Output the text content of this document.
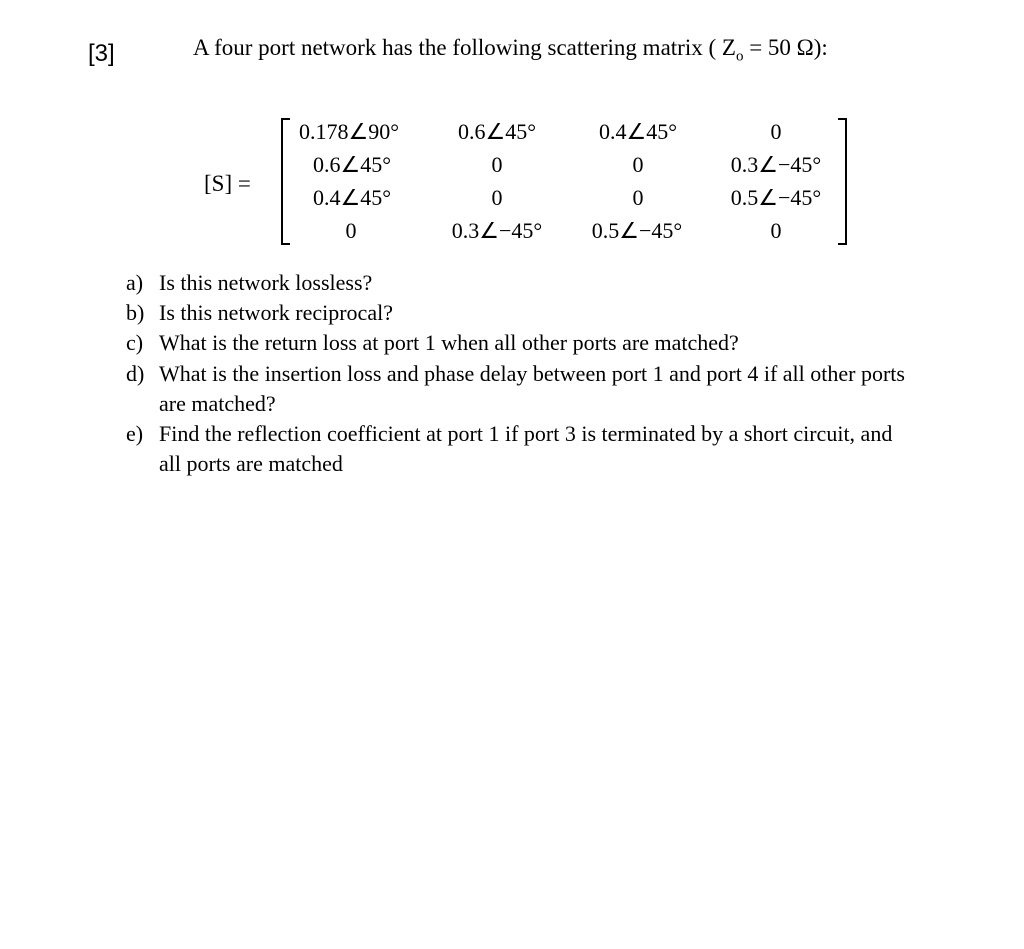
[3]	A four port network has the following scattering matrix ( $Z_o = 50$ Ω):
[S] =
0.178∠90°	0.6∠45°	0.4∠45°	0
0.6∠45°	0	0	0.3∠−45°
0.4∠45°	0	0	0.5∠−45°
0	0.3∠−45° 0.5∠−45°	0
a) Is this network lossless?
b) Is this network reciprocal?
c) What is the return loss at port 1 when all other ports are matched?
d) What is the insertion loss and phase delay between port 1 and port 4 if all other ports are matched?
e) Find the reflection coefficient at port 1 if port 3 is terminated by a short circuit, and all ports are matched
